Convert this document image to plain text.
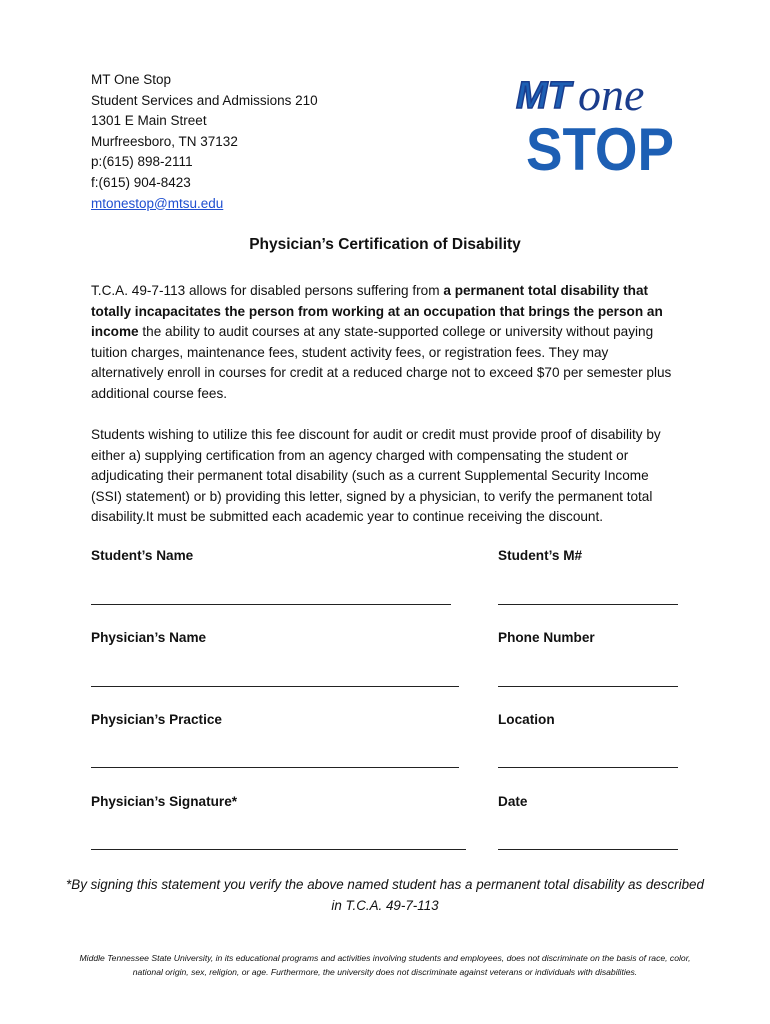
MT One Stop
Student Services and Admissions 210
1301 E Main Street
Murfreesboro, TN 37132
p:(615) 898-2111
f:(615) 904-8423
mtonestop@mtsu.edu
MT one
STOP
Physician’s Certification of Disability
T.C.A. 49-7-113 allows for disabled persons suffering from a permanent total disability that totally incapacitates the person from working at an occupation that brings the person an income the ability to audit courses at any state-supported college or university without paying tuition charges, maintenance fees, student activity fees, or registration fees. They may alternatively enroll in courses for credit at a reduced charge not to exceed $70 per semester plus additional course fees.
Students wishing to utilize this fee discount for audit or credit must provide proof of disability by either a) supplying certification from an agency charged with compensating the student or adjudicating their permanent total disability (such as a current Supplemental Security Income (SSI) statement) or b) providing this letter, signed by a physician, to verify the permanent total disability.It must be submitted each academic year to continue receiving the discount.
Student’s Name	Student’s M#
Physician’s Name	Phone Number
Physician’s Practice	Location
Physician’s Signature*	Date
*By signing this statement you verify the above named student has a permanent total disability as described in T.C.A. 49-7-113
Middle Tennessee State University, in its educational programs and activities involving students and employees, does not discriminate on the basis of race, color, national origin, sex, religion, or age. Furthermore, the university does not discriminate against veterans or individuals with disabilities.
